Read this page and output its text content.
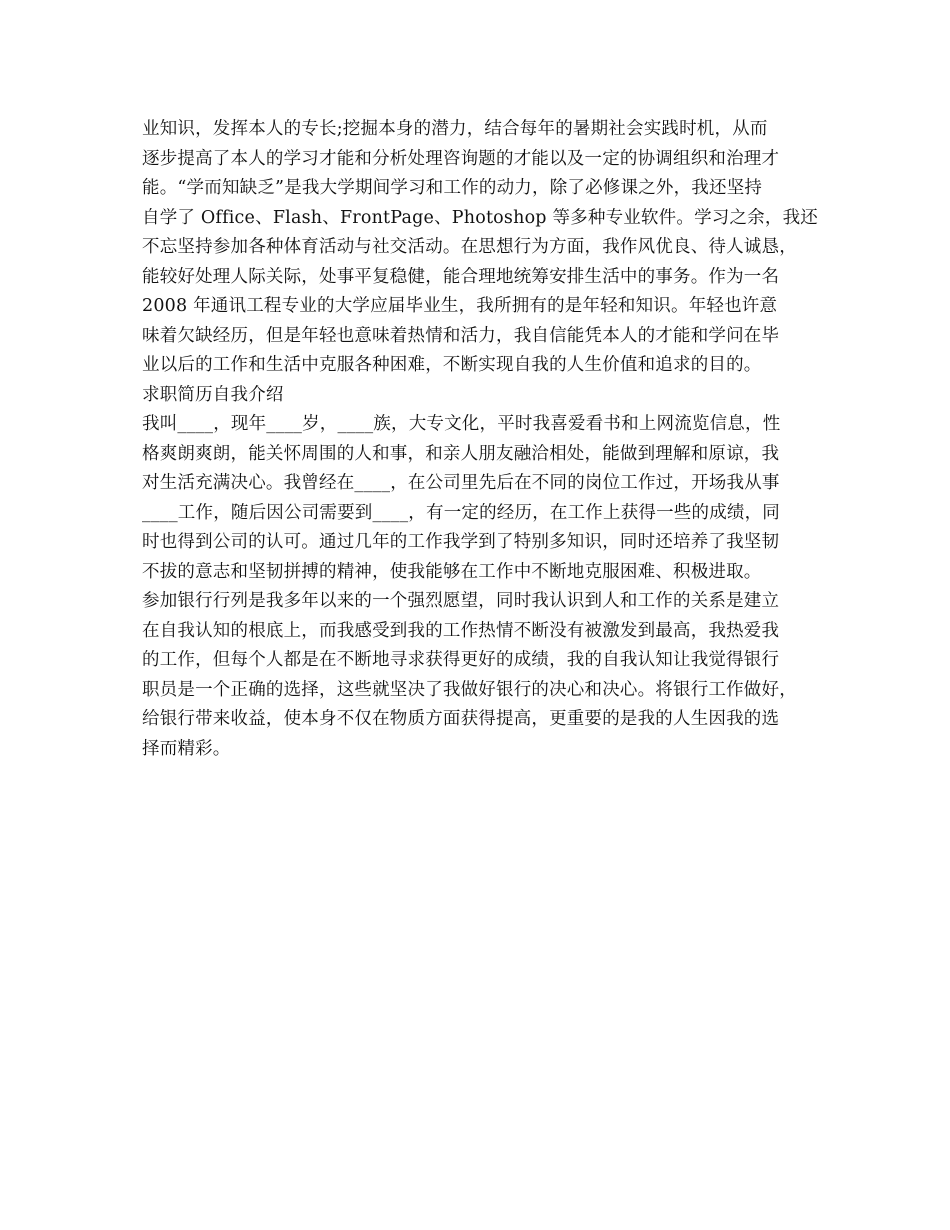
业知识，发挥本人的专长;挖掘本身的潜力，结合每年的暑期社会实践时机，从而
逐步提高了本人的学习才能和分析处理咨询题的才能以及一定的协调组织和治理才
能。“学而知缺乏”是我大学期间学习和工作的动力，除了必修课之外，我还坚持
自学了 Office、Flash、FrontPage、Photoshop 等多种专业软件。学习之余，我还
不忘坚持参加各种体育活动与社交活动。在思想行为方面，我作风优良、待人诚恳，
能较好处理人际关际，处事平复稳健，能合理地统筹安排生活中的事务。作为一名
2008 年通讯工程专业的大学应届毕业生，我所拥有的是年轻和知识。年轻也许意
味着欠缺经历，但是年轻也意味着热情和活力，我自信能凭本人的才能和学问在毕
业以后的工作和生活中克服各种困难，不断实现自我的人生价值和追求的目的。
求职简历自我介绍
我叫____，现年____岁，____族，大专文化，平时我喜爱看书和上网流览信息，性
格爽朗爽朗，能关怀周围的人和事，和亲人朋友融洽相处，能做到理解和原谅，我
对生活充满决心。我曾经在____，在公司里先后在不同的岗位工作过，开场我从事
____工作，随后因公司需要到____，有一定的经历，在工作上获得一些的成绩，同
时也得到公司的认可。通过几年的工作我学到了特别多知识，同时还培养了我坚韧
不拔的意志和坚韧拼搏的精神，使我能够在工作中不断地克服困难、积极进取。
参加银行行列是我多年以来的一个强烈愿望，同时我认识到人和工作的关系是建立
在自我认知的根底上，而我感受到我的工作热情不断没有被激发到最高，我热爱我
的工作，但每个人都是在不断地寻求获得更好的成绩，我的自我认知让我觉得银行
职员是一个正确的选择，这些就坚决了我做好银行的决心和决心。将银行工作做好，
给银行带来收益，使本身不仅在物质方面获得提高，更重要的是我的人生因我的选
择而精彩。
